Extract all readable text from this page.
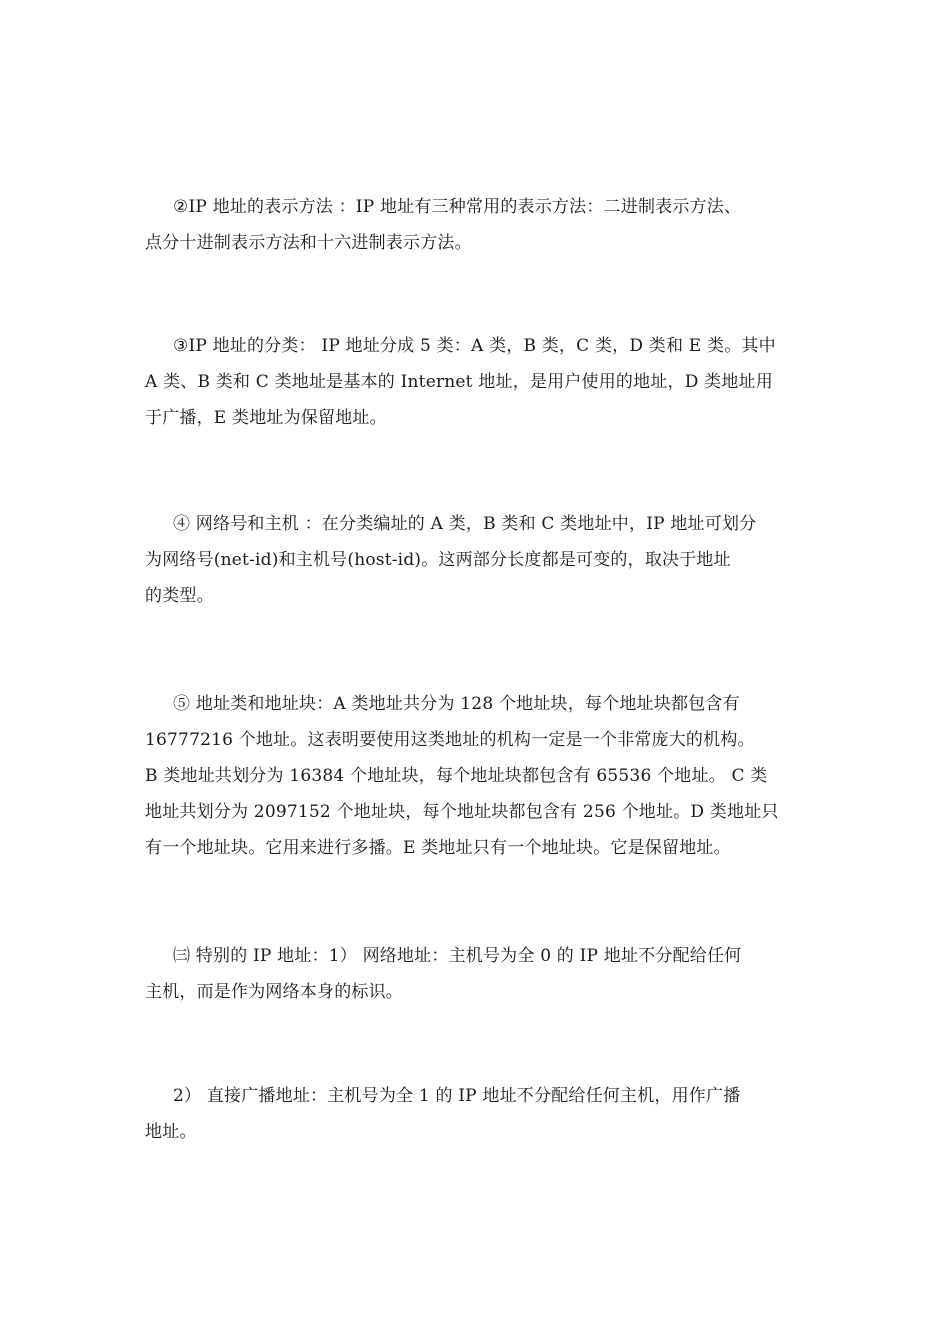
②IP 地址的表示方法 ：IP 地址有三种常用的表示方法：二进制表示方法、
点分十进制表示方法和十六进制表示方法。

③IP 地址的分类： IP 地址分成 5 类：A 类，B 类，C 类，D 类和 E 类。其中
A 类、B 类和 C 类地址是基本的 Internet 地址，是用户使用的地址，D 类地址用
于广播，E 类地址为保留地址。

④ 网络号和主机 ：在分类编址的 A 类，B 类和 C 类地址中，IP 地址可划分
为网络号(net-id)和主机号(host-id)。这两部分长度都是可变的，取决于地址
的类型。

⑤ 地址类和地址块：A 类地址共分为 128 个地址块，每个地址块都包含有
16777216 个地址。这表明要使用这类地址的机构一定是一个非常庞大的机构。
B 类地址共划分为 16384 个地址块，每个地址块都包含有 65536 个地址。 C 类
地址共划分为 2097152 个地址块，每个地址块都包含有 256 个地址。D 类地址只
有一个地址块。它用来进行多播。E 类地址只有一个地址块。它是保留地址。

㈢ 特别的 IP 地址：1） 网络地址：主机号为全 0 的 IP 地址不分配给任何
主机，而是作为网络本身的标识。

2） 直接广播地址：主机号为全 1 的 IP 地址不分配给任何主机，用作广播
地址。
